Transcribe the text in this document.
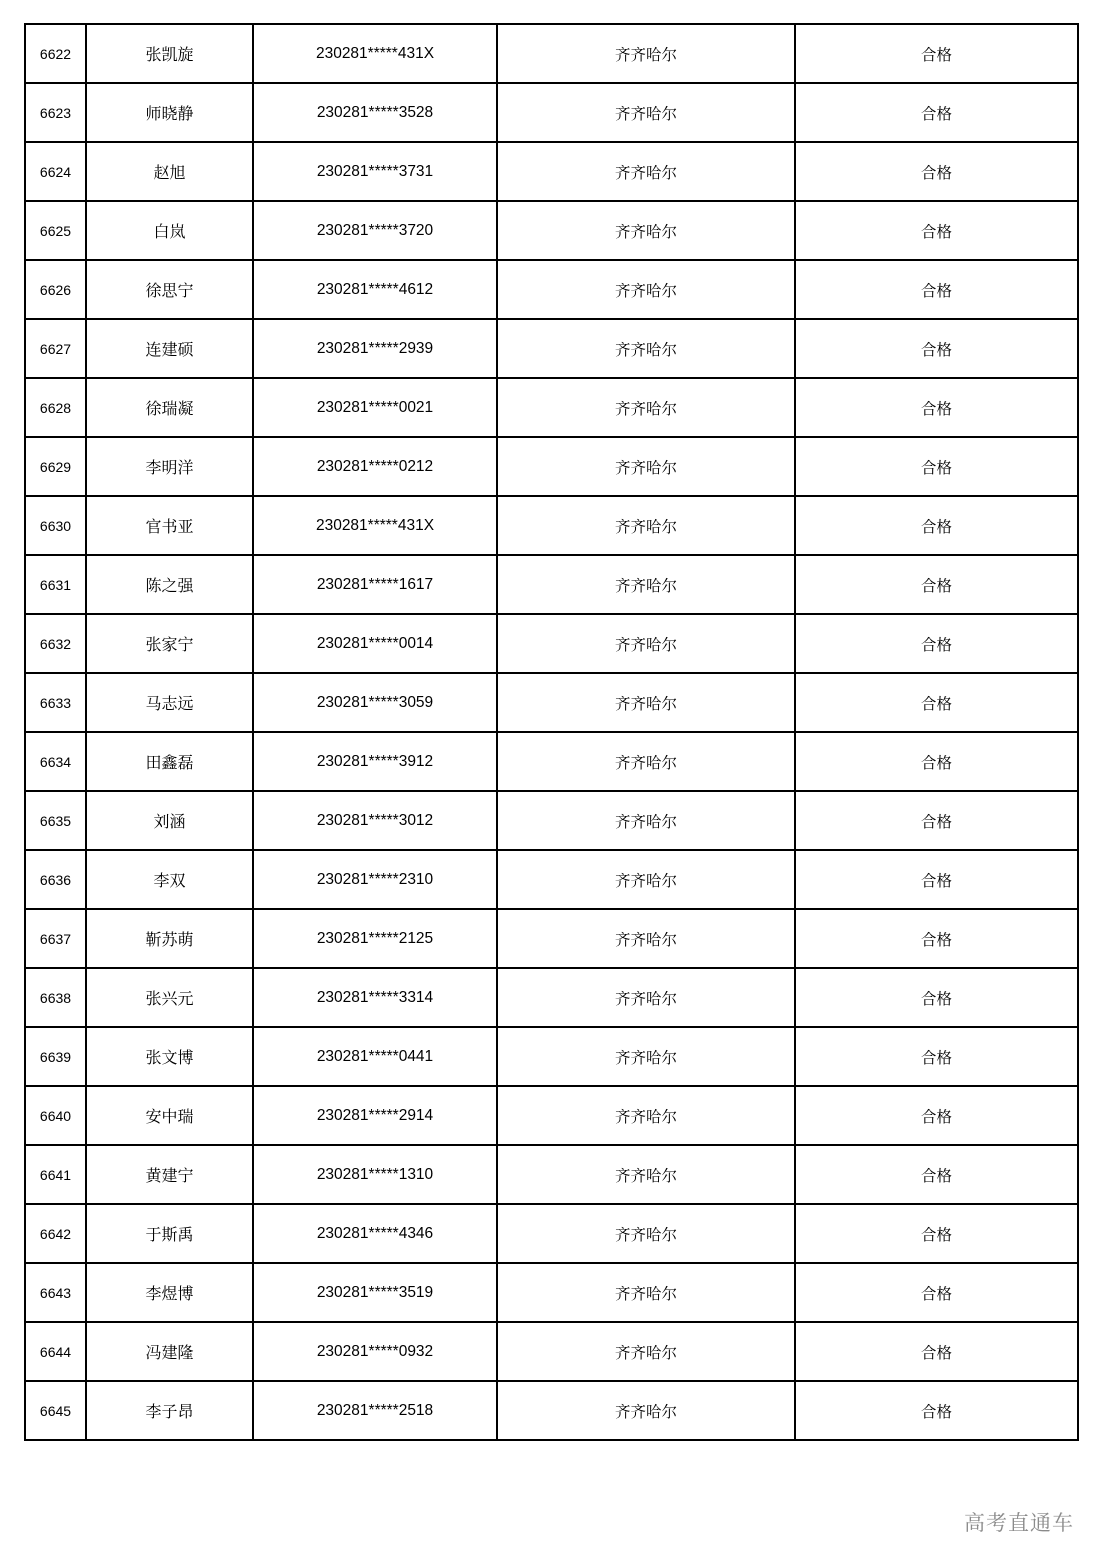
6622	张凯旋	230281*****431X	齐齐哈尔	合格
6623	师晓静	230281*****3528	齐齐哈尔	合格
6624	赵旭	230281*****3731	齐齐哈尔	合格
6625	白岚	230281*****3720	齐齐哈尔	合格
6626	徐思宁	230281*****4612	齐齐哈尔	合格
6627	连建硕	230281*****2939	齐齐哈尔	合格
6628	徐瑞凝	230281*****0021	齐齐哈尔	合格
6629	李明洋	230281*****0212	齐齐哈尔	合格
6630	官书亚	230281*****431X	齐齐哈尔	合格
6631	陈之强	230281*****1617	齐齐哈尔	合格
6632	张家宁	230281*****0014	齐齐哈尔	合格
6633	马志远	230281*****3059	齐齐哈尔	合格
6634	田鑫磊	230281*****3912	齐齐哈尔	合格
6635	刘涵	230281*****3012	齐齐哈尔	合格
6636	李双	230281*****2310	齐齐哈尔	合格
6637	靳苏萌	230281*****2125	齐齐哈尔	合格
6638	张兴元	230281*****3314	齐齐哈尔	合格
6639	张文博	230281*****0441	齐齐哈尔	合格
6640	安中瑞	230281*****2914	齐齐哈尔	合格
6641	黄建宁	230281*****1310	齐齐哈尔	合格
6642	于斯禹	230281*****4346	齐齐哈尔	合格
6643	李煜博	230281*****3519	齐齐哈尔	合格
6644	冯建隆	230281*****0932	齐齐哈尔	合格
6645	李子昂	230281*****2518	齐齐哈尔	合格
高考直通车
